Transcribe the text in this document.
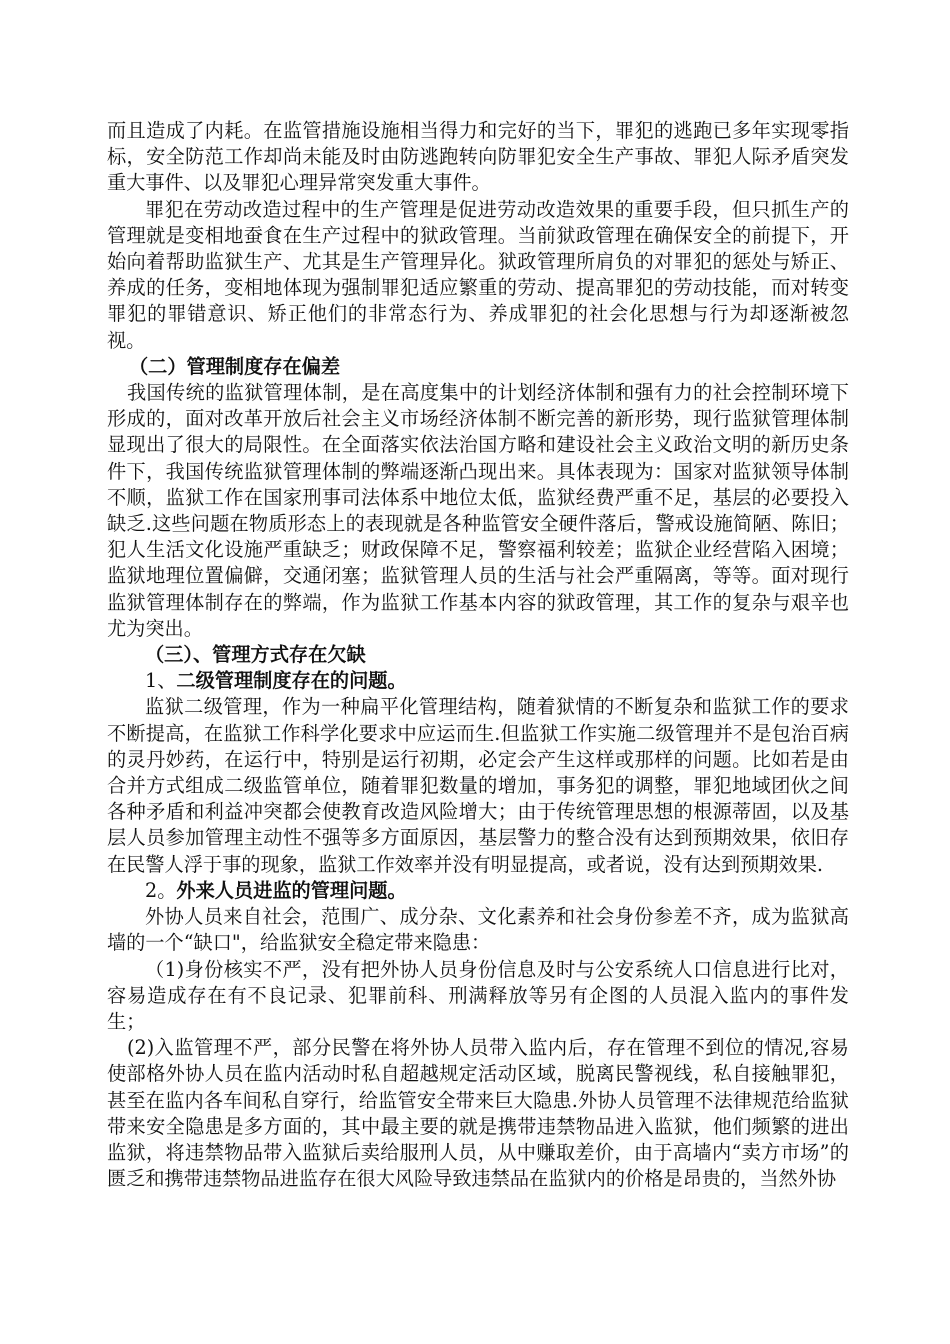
而且造成了内耗。在监管措施设施相当得力和完好的当下，罪犯的逃跑已多年实现零指标，安全防范工作却尚未能及时由防逃跑转向防罪犯安全生产事故、罪犯人际矛盾突发重大事件、以及罪犯心理异常突发重大事件。

罪犯在劳动改造过程中的生产管理是促进劳动改造效果的重要手段，但只抓生产的管理就是变相地蚕食在生产过程中的狱政管理。当前狱政管理在确保安全的前提下，开始向着帮助监狱生产、尤其是生产管理异化。狱政管理所肩负的对罪犯的惩处与矫正、养成的任务，变相地体现为强制罪犯适应繁重的劳动、提高罪犯的劳动技能，而对转变罪犯的罪错意识、矫正他们的非常态行为、养成罪犯的社会化思想与行为却逐渐被忽视。

（二）管理制度存在偏差

我国传统的监狱管理体制，是在高度集中的计划经济体制和强有力的社会控制环境下形成的，面对改革开放后社会主义市场经济体制不断完善的新形势，现行监狱管理体制显现出了很大的局限性。在全面落实依法治国方略和建设社会主义政治文明的新历史条件下，我国传统监狱管理体制的弊端逐渐凸现出来。具体表现为：国家对监狱领导体制不顺，监狱工作在国家刑事司法体系中地位太低，监狱经费严重不足，基层的必要投入缺乏.这些问题在物质形态上的表现就是各种监管安全硬件落后，警戒设施简陋、陈旧；犯人生活文化设施严重缺乏；财政保障不足，警察福利较差；监狱企业经营陷入困境；监狱地理位置偏僻，交通闭塞；监狱管理人员的生活与社会严重隔离，等等。面对现行监狱管理体制存在的弊端，作为监狱工作基本内容的狱政管理，其工作的复杂与艰辛也尤为突出。

（三）、管理方式存在欠缺

1、二级管理制度存在的问题。

监狱二级管理，作为一种扁平化管理结构，随着狱情的不断复杂和监狱工作的要求不断提高，在监狱工作科学化要求中应运而生.但监狱工作实施二级管理并不是包治百病的灵丹妙药，在运行中，特别是运行初期，必定会产生这样或那样的问题。比如若是由合并方式组成二级监管单位，随着罪犯数量的增加，事务犯的调整，罪犯地域团伙之间各种矛盾和利益冲突都会使教育改造风险增大；由于传统管理思想的根源蒂固，以及基层人员参加管理主动性不强等多方面原因，基层警力的整合没有达到预期效果，依旧存在民警人浮于事的现象，监狱工作效率并没有明显提高，或者说，没有达到预期效果.

2。外来人员进监的管理问题。

外协人员来自社会，范围广、成分杂、文化素养和社会身份参差不齐，成为监狱高墙的一个“缺口"，给监狱安全稳定带来隐患：

（1)身份核实不严，没有把外协人员身份信息及时与公安系统人口信息进行比对，容易造成存在有不良记录、犯罪前科、刑满释放等另有企图的人员混入监内的事件发生；

(2)入监管理不严，部分民警在将外协人员带入监内后，存在管理不到位的情况,容易使部格外协人员在监内活动时私自超越规定活动区域，脱离民警视线，私自接触罪犯，甚至在监内各车间私自穿行，给监管安全带来巨大隐患.外协人员管理不法律规范给监狱带来安全隐患是多方面的，其中最主要的就是携带违禁物品进入监狱，他们频繁的进出监狱，将违禁物品带入监狱后卖给服刑人员，从中赚取差价，由于高墙内“卖方市场”的匮乏和携带违禁物品进监存在很大风险导致违禁品在监狱内的价格是昂贵的，当然外协
